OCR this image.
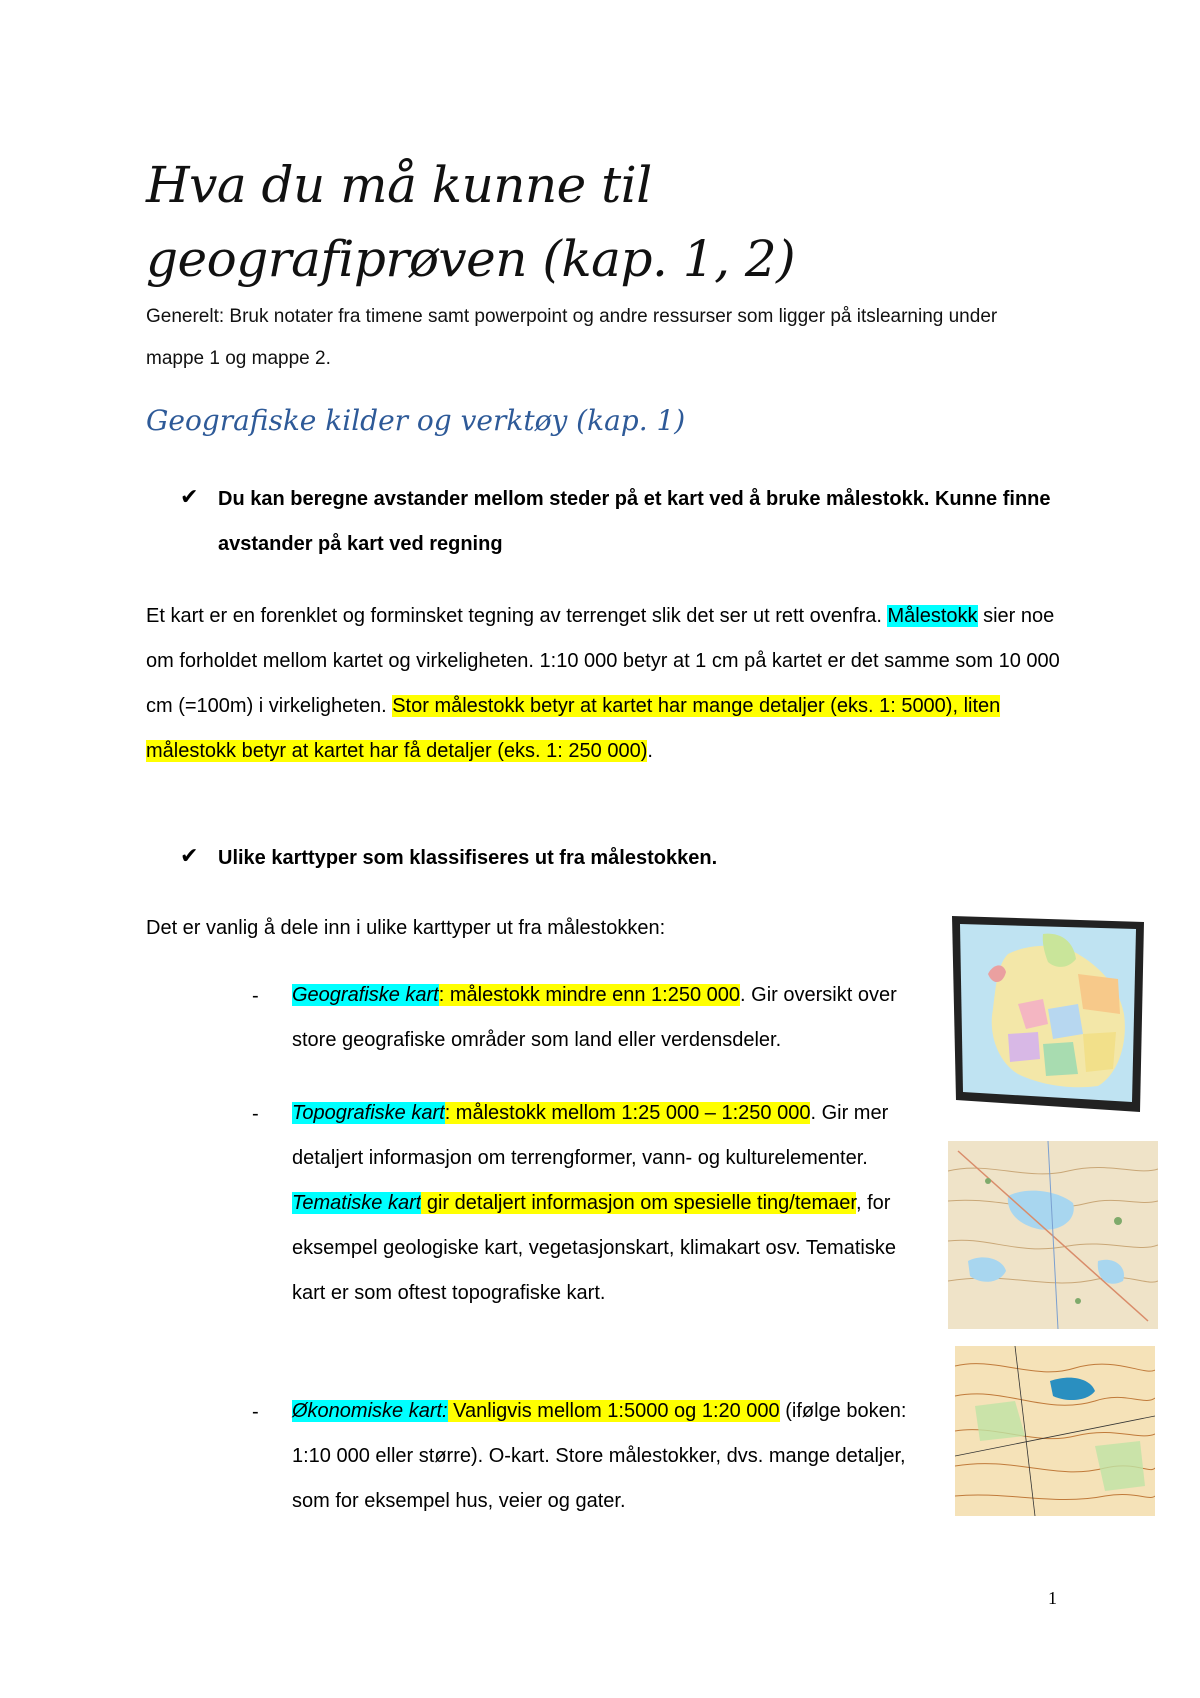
Hva du må kunne til geografiprøven (kap. 1, 2)
Generelt: Bruk notater fra timene samt powerpoint og andre ressurser som ligger på itslearning under mappe 1 og mappe 2.
Geografiske kilder og verktøy (kap. 1)
✔ Du kan beregne avstander mellom steder på et kart ved å bruke målestokk. Kunne finne avstander på kart ved regning
Et kart er en forenklet og forminsket tegning av terrenget slik det ser ut rett ovenfra. Målestokk sier noe om forholdet mellom kartet og virkeligheten. 1:10 000 betyr at 1 cm på kartet er det samme som 10 000 cm (=100m) i virkeligheten. Stor målestokk betyr at kartet har mange detaljer (eks. 1: 5000), liten målestokk betyr at kartet har få detaljer (eks. 1: 250 000).
✔ Ulike karttyper som klassifiseres ut fra målestokken.
Det er vanlig å dele inn i ulike karttyper ut fra målestokken:
- Geografiske kart: målestokk mindre enn 1:250 000. Gir oversikt over store geografiske områder som land eller verdensdeler.
- Topografiske kart: målestokk mellom 1:25 000 – 1:250 000. Gir mer detaljert informasjon om terrengformer, vann- og kulturelementer. Tematiske kart gir detaljert informasjon om spesielle ting/temaer, for eksempel geologiske kart, vegetasjonskart, klimakart osv. Tematiske kart er som oftest topografiske kart.
- Økonomiske kart: Vanligvis mellom 1:5000 og 1:20 000 (ifølge boken: 1:10 000 eller større). O-kart. Store målestokker, dvs. mange detaljer, som for eksempel hus, veier og gater.
1
